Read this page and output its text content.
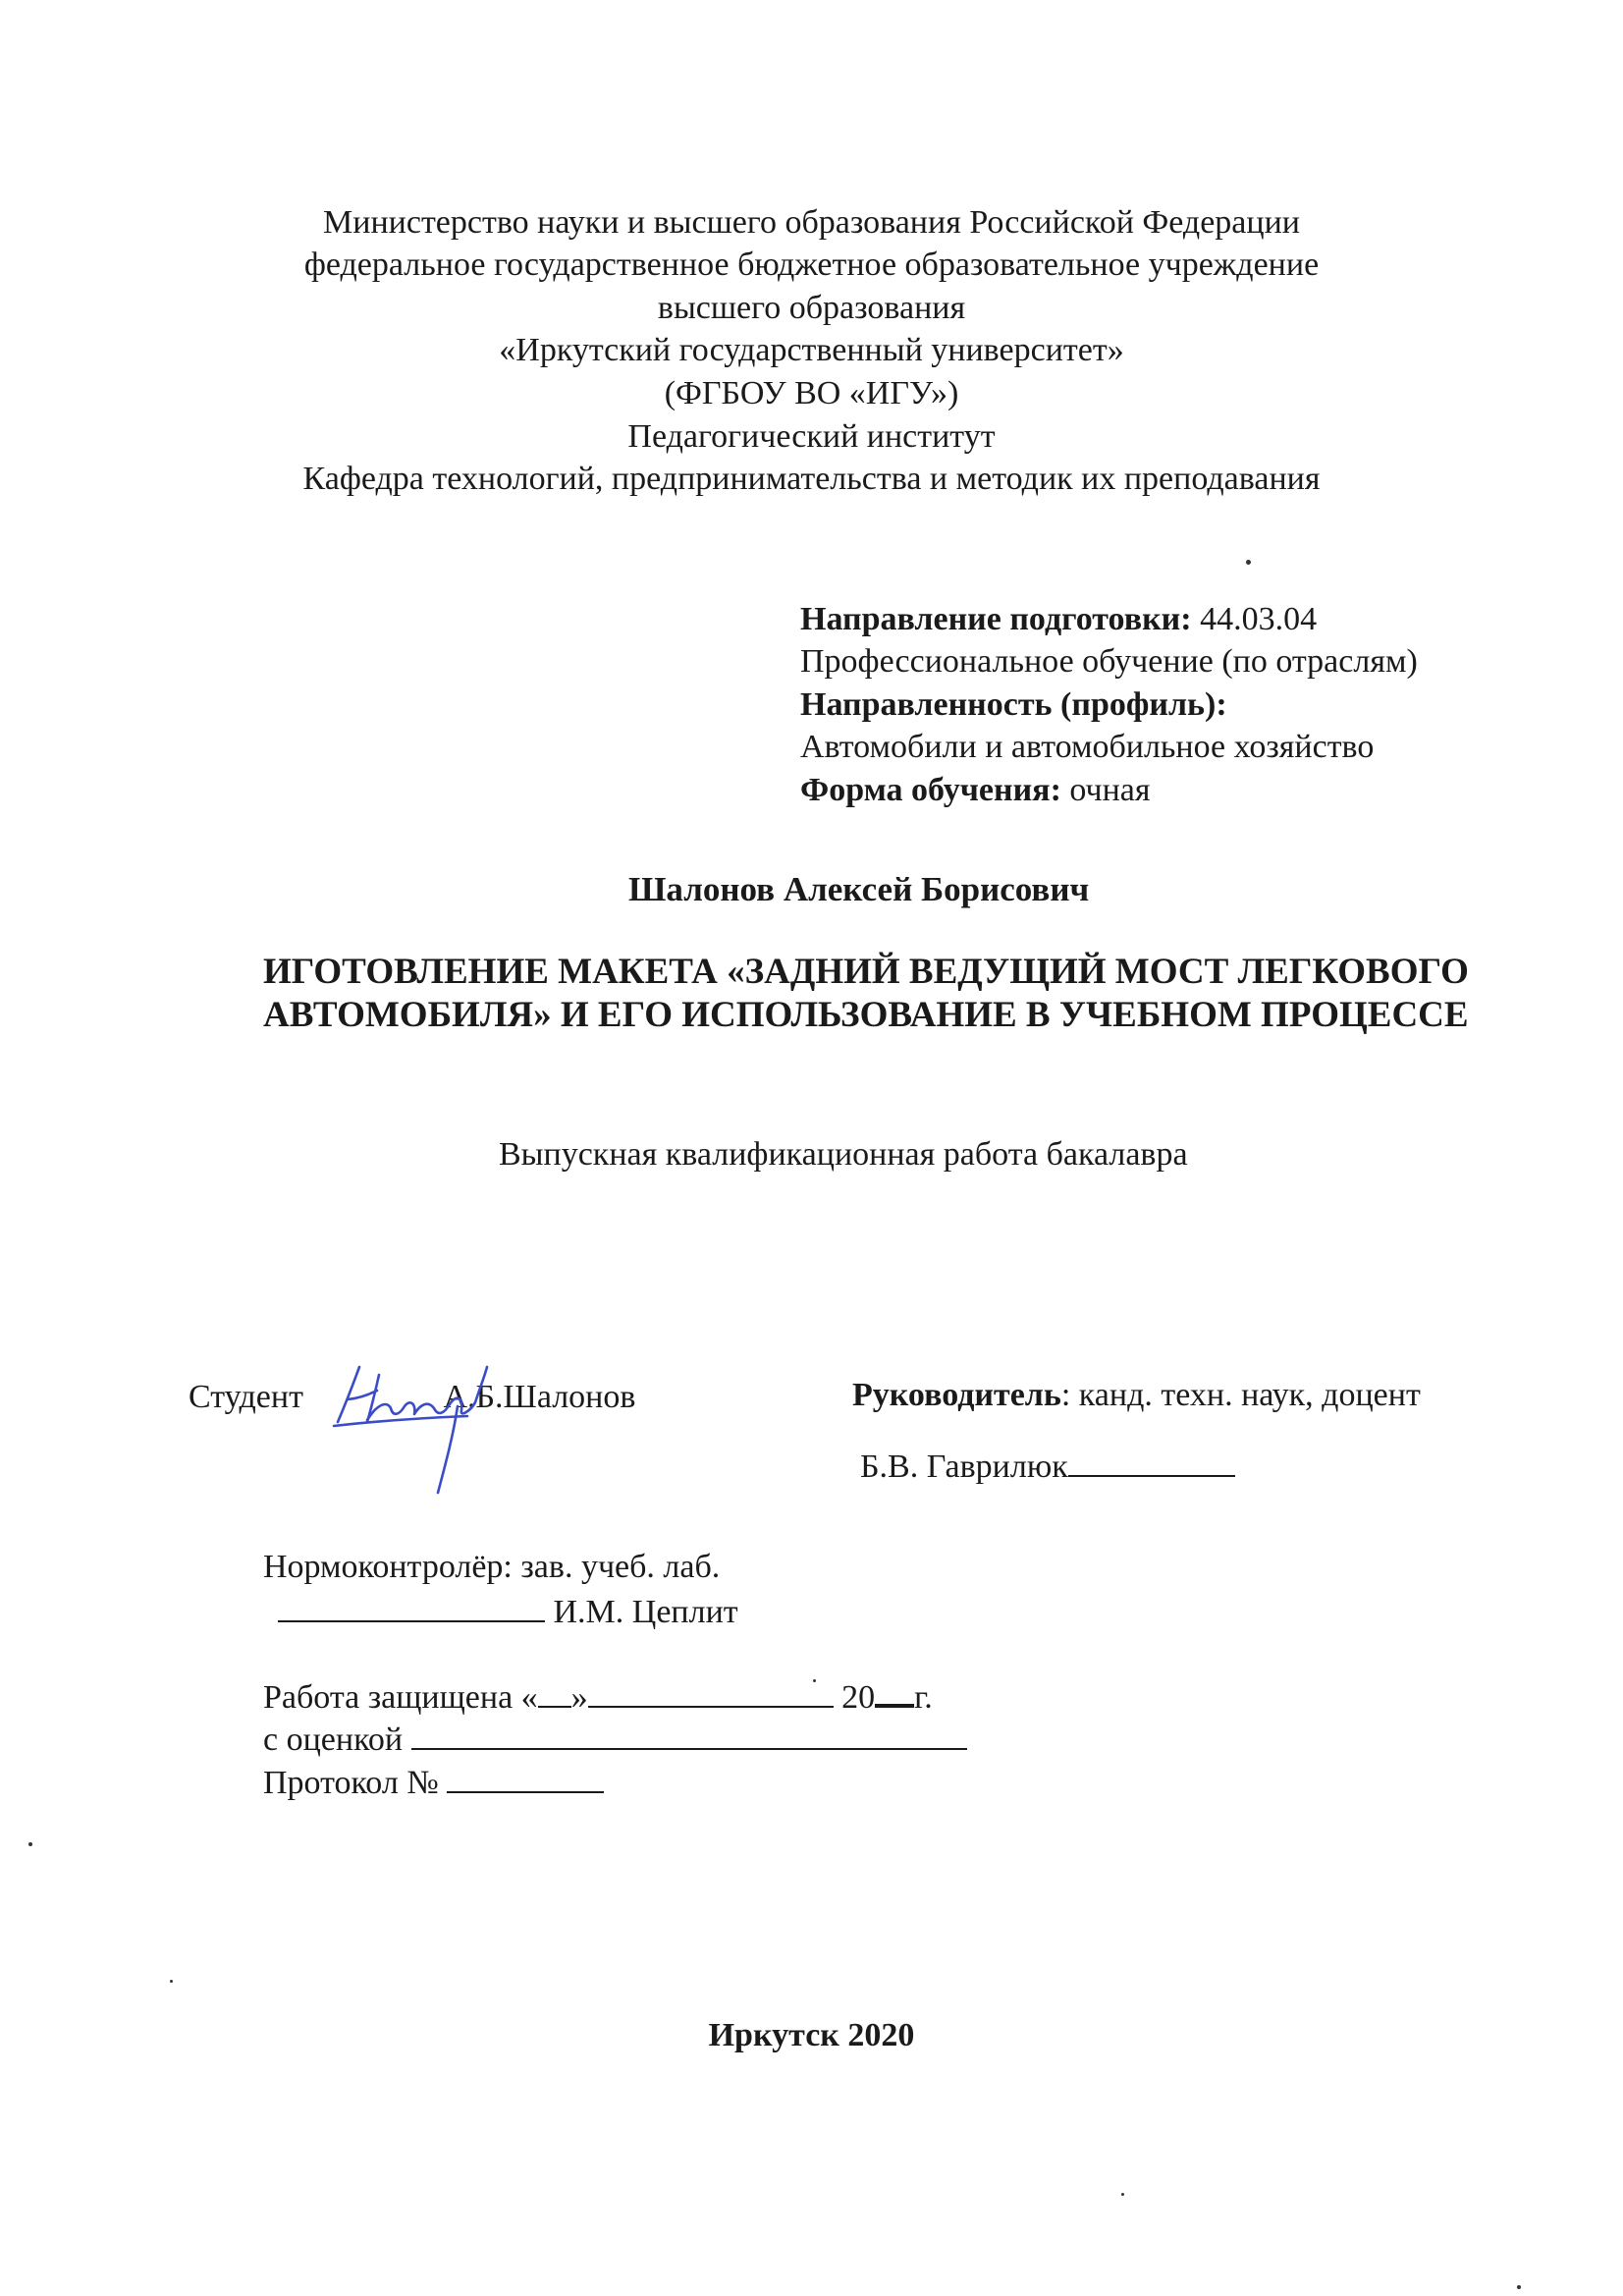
Министерство науки и высшего образования Российской Федерации
федеральное государственное бюджетное образовательное учреждение
высшего образования
«Иркутский государственный университет»
(ФГБОУ ВО «ИГУ»)
Педагогический институт
Кафедра технологий, предпринимательства и методик их преподавания
Направление подготовки: 44.03.04
Профессиональное обучение (по отраслям)
Направленность (профиль):
Автомобили и автомобильное хозяйство
Форма обучения: очная
Шалонов Алексей Борисович
ИГОТОВЛЕНИЕ МАКЕТА «ЗАДНИЙ ВЕДУЩИЙ МОСТ ЛЕГКОВОГО
АВТОМОБИЛЯ» И ЕГО ИСПОЛЬЗОВАНИЕ В УЧЕБНОМ ПРОЦЕССЕ
Выпускная квалификационная работа бакалавра
Студент	А.Б.Шалонов	Руководитель: канд. техн. наук, доцент
Б.В. Гаврилюк
Нормоконтролёр: зав. учеб. лаб.
И.М. Цеплит
Работа защищена « »	20 г.
с оценкой
Протокол №
Иркутск 2020
